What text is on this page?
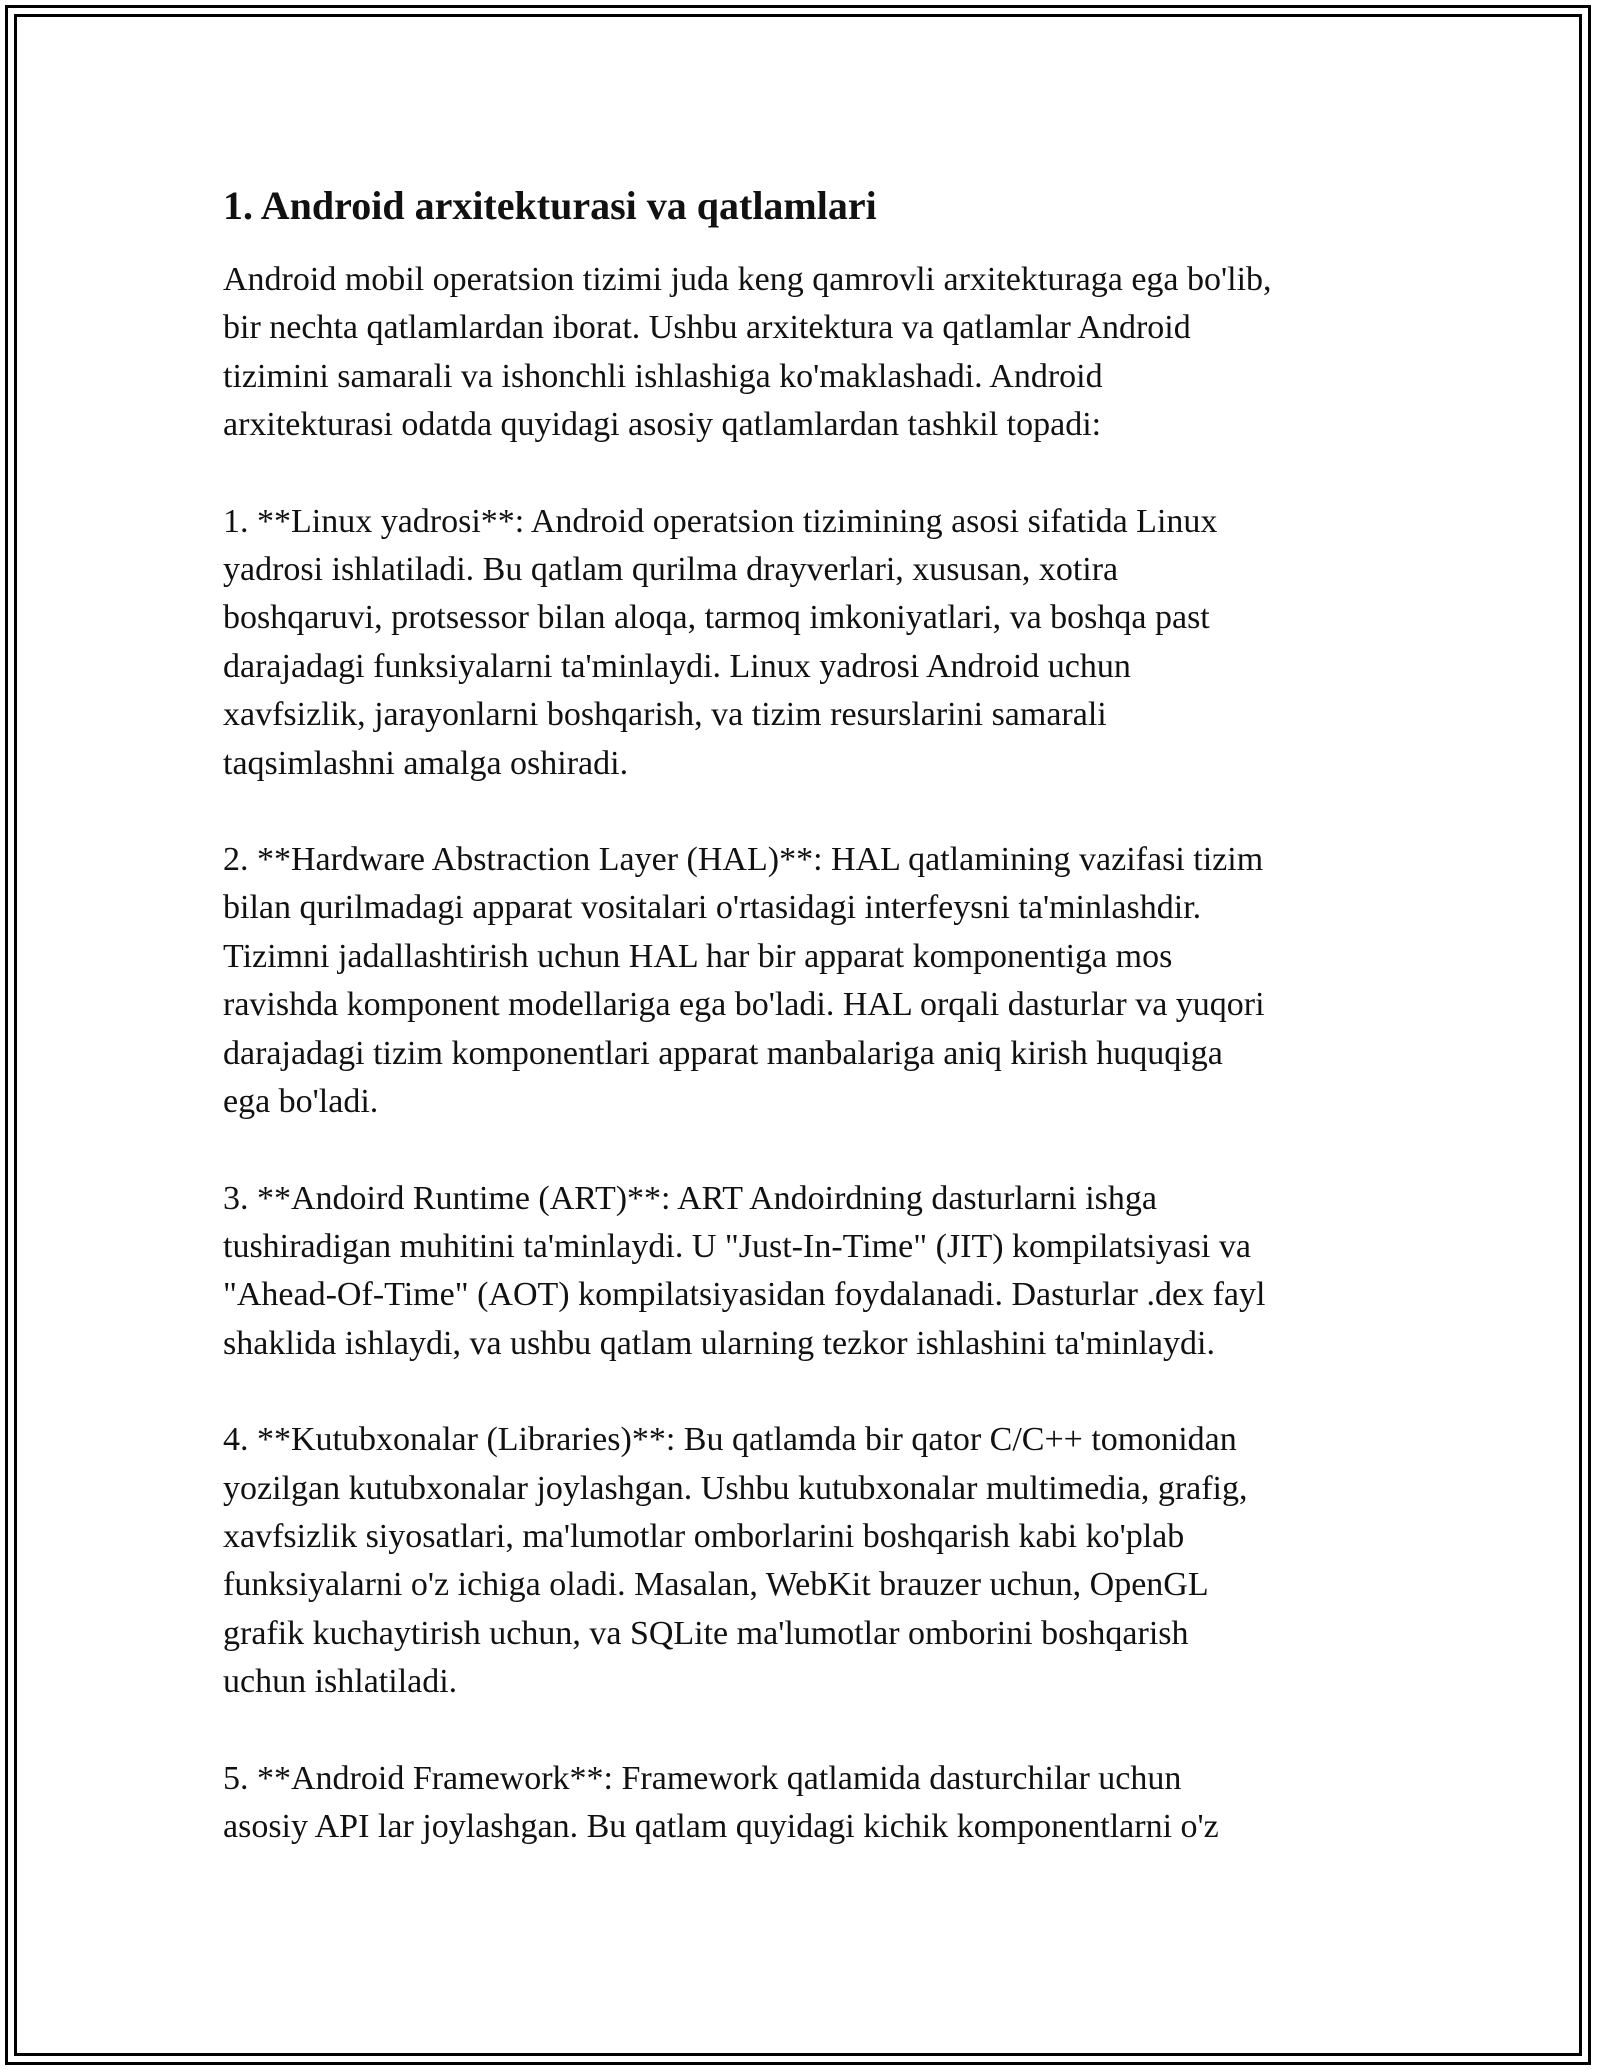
1. Android arxitekturasi va qatlamlari

Android mobil operatsion tizimi juda keng qamrovli arxitekturaga ega bo'lib,
bir nechta qatlamlardan iborat. Ushbu arxitektura va qatlamlar Android
tizimini samarali va ishonchli ishlashiga ko'maklashadi. Android
arxitekturasi odatda quyidagi asosiy qatlamlardan tashkil topadi:

1. **Linux yadrosi**: Android operatsion tizimining asosi sifatida Linux
yadrosi ishlatiladi. Bu qatlam qurilma drayverlari, xususan, xotira
boshqaruvi, protsessor bilan aloqa, tarmoq imkoniyatlari, va boshqa past
darajadagi funksiyalarni ta'minlaydi. Linux yadrosi Android uchun
xavfsizlik, jarayonlarni boshqarish, va tizim resurslarini samarali
taqsimlashni amalga oshiradi.

2. **Hardware Abstraction Layer (HAL)**: HAL qatlamining vazifasi tizim
bilan qurilmadagi apparat vositalari o'rtasidagi interfeysni ta'minlashdir.
Tizimni jadallashtirish uchun HAL har bir apparat komponentiga mos
ravishda komponent modellariga ega bo'ladi. HAL orqali dasturlar va yuqori
darajadagi tizim komponentlari apparat manbalariga aniq kirish huquqiga
ega bo'ladi.

3. **Andoird Runtime (ART)**: ART Andoirdning dasturlarni ishga
tushiradigan muhitini ta'minlaydi. U "Just-In-Time" (JIT) kompilatsiyasi va
"Ahead-Of-Time" (AOT) kompilatsiyasidan foydalanadi. Dasturlar .dex fayl
shaklida ishlaydi, va ushbu qatlam ularning tezkor ishlashini ta'minlaydi.

4. **Kutubxonalar (Libraries)**: Bu qatlamda bir qator C/C++ tomonidan
yozilgan kutubxonalar joylashgan. Ushbu kutubxonalar multimedia, grafig,
xavfsizlik siyosatlari, ma'lumotlar omborlarini boshqarish kabi ko'plab
funksiyalarni o'z ichiga oladi. Masalan, WebKit brauzer uchun, OpenGL
grafik kuchaytirish uchun, va SQLite ma'lumotlar omborini boshqarish
uchun ishlatiladi.

5. **Android Framework**: Framework qatlamida dasturchilar uchun
asosiy API lar joylashgan. Bu qatlam quyidagi kichik komponentlarni o'z
